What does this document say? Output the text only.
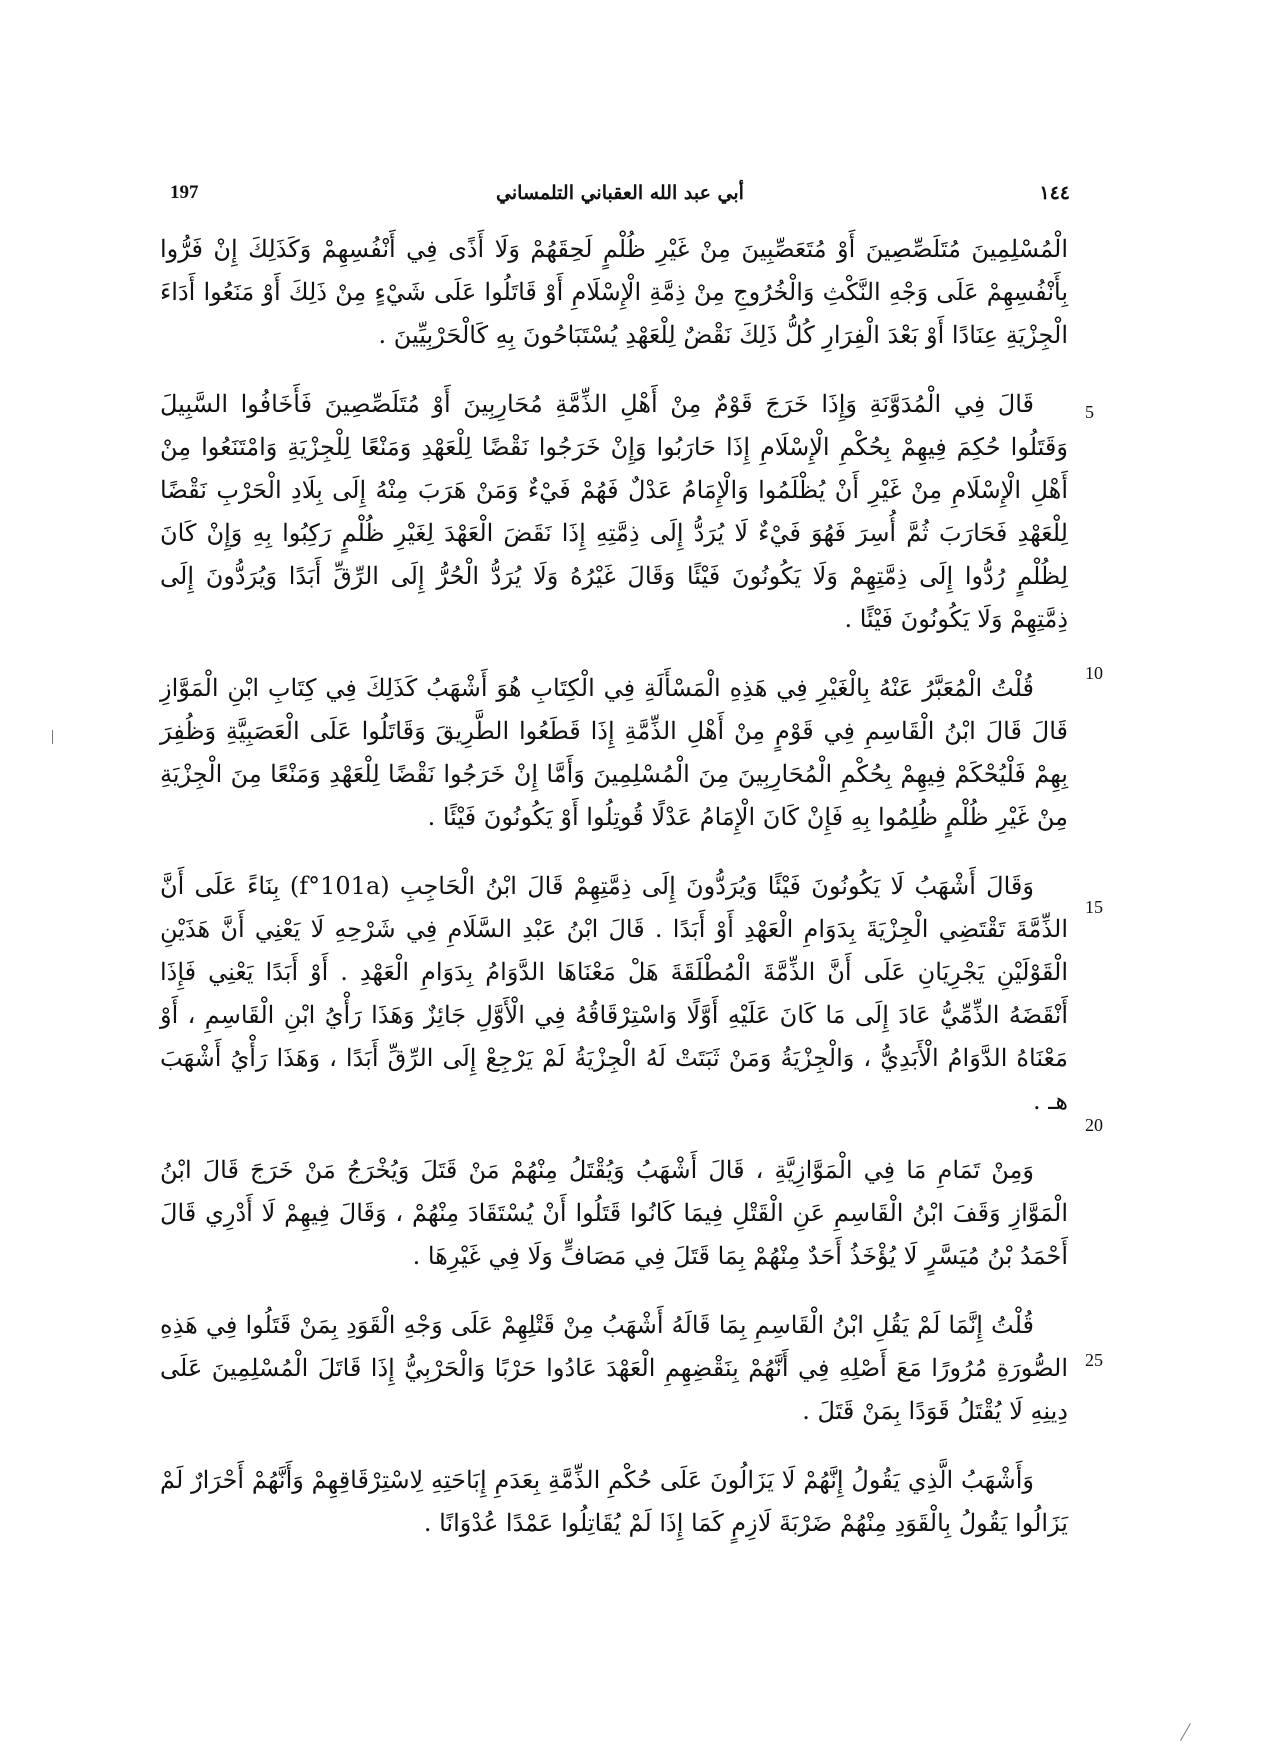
197	أبي عبد الله العقباني التلمساني	١٤٤
5
10
15
20
25

الْمُسْلِمِينَ مُتَلَصِّصِينَ أَوْ مُتَعَصِّبِينَ مِنْ غَيْرِ ظُلْمٍ لَحِقَهُمْ وَلَا أَذًى فِي أَنْفُسِهِمْ وَكَذَلِكَ إِنْ فَرُّوا بِأَنْفُسِهِمْ عَلَى وَجْهِ النَّكْثِ وَالْخُرُوجِ مِنْ ذِمَّةِ الْإِسْلَامِ أَوْ قَاتَلُوا عَلَى شَيْءٍ مِنْ ذَلِكَ أَوْ مَنَعُوا أَدَاءَ الْجِزْيَةِ عِنَادًا أَوْ بَعْدَ الْفِرَارِ كُلُّ ذَلِكَ نَقْضٌ لِلْعَهْدِ يُسْتَبَاحُونَ بِهِ كَالْحَرْبِيِّينَ .

قَالَ فِي الْمُدَوَّنَةِ وَإِذَا خَرَجَ قَوْمٌ مِنْ أَهْلِ الذِّمَّةِ مُحَارِبِينَ أَوْ مُتَلَصِّصِينَ فَأَخَافُوا السَّبِيلَ وَقَتَلُوا حُكِمَ فِيهِمْ بِحُكْمِ الْإِسْلَامِ إِذَا حَارَبُوا وَإِنْ خَرَجُوا نَقْضًا لِلْعَهْدِ وَمَنْعًا لِلْجِزْيَةِ وَامْتَنَعُوا مِنْ أَهْلِ الْإِسْلَامِ مِنْ غَيْرِ أَنْ يُظْلَمُوا وَالْإِمَامُ عَدْلٌ فَهُمْ فَيْءٌ وَمَنْ هَرَبَ مِنْهُ إِلَى بِلَادِ الْحَرْبِ نَقْضًا لِلْعَهْدِ فَحَارَبَ ثُمَّ أُسِرَ فَهُوَ فَيْءٌ لَا يُرَدُّ إِلَى ذِمَّتِهِ إِذَا نَقَضَ الْعَهْدَ لِغَيْرِ ظُلْمٍ رَكِبُوا بِهِ وَإِنْ كَانَ لِظُلْمٍ رُدُّوا إِلَى ذِمَّتِهِمْ وَلَا يَكُونُونَ فَيْئًا وَقَالَ غَيْرُهُ وَلَا يُرَدُّ الْحُرُّ إِلَى الرِّقِّ أَبَدًا وَيُرَدُّونَ إِلَى ذِمَّتِهِمْ وَلَا يَكُونُونَ فَيْئًا .

قُلْتُ الْمُعَبَّرُ عَنْهُ بِالْغَيْرِ فِي هَذِهِ الْمَسْأَلَةِ فِي الْكِتَابِ هُوَ أَشْهَبُ كَذَلِكَ فِي كِتَابِ ابْنِ الْمَوَّازِ قَالَ قَالَ ابْنُ الْقَاسِمِ فِي قَوْمٍ مِنْ أَهْلِ الذِّمَّةِ إِذَا قَطَعُوا الطَّرِيقَ وَقَاتَلُوا عَلَى الْعَصَبِيَّةِ وَظُفِرَ بِهِمْ فَلْيُحْكَمْ فِيهِمْ بِحُكْمِ الْمُحَارِبِينَ مِنَ الْمُسْلِمِينَ وَأَمَّا إِنْ خَرَجُوا نَقْضًا لِلْعَهْدِ وَمَنْعًا مِنَ الْجِزْيَةِ مِنْ غَيْرِ ظُلْمٍ ظُلِمُوا بِهِ فَإِنْ كَانَ الْإِمَامُ عَدْلًا قُوتِلُوا أَوْ يَكُونُونَ فَيْئًا .

وَقَالَ أَشْهَبُ لَا يَكُونُونَ فَيْئًا وَيُرَدُّونَ إِلَى ذِمَّتِهِمْ قَالَ ابْنُ الْحَاجِبِ (f°101a) بِنَاءً عَلَى أَنَّ الذِّمَّةَ تَقْتَضِي الْجِزْيَةَ بِدَوَامِ الْعَهْدِ أَوْ أَبَدًا . قَالَ ابْنُ عَبْدِ السَّلَامِ فِي شَرْحِهِ لَا يَعْنِي أَنَّ هَذَيْنِ الْقَوْلَيْنِ يَجْرِيَانِ عَلَى أَنَّ الذِّمَّةَ الْمُطْلَقَةَ هَلْ مَعْنَاهَا الدَّوَامُ بِدَوَامِ الْعَهْدِ . أَوْ أَبَدًا يَعْنِي فَإِذَا أَنْقَضَهُ الذِّمِّيُّ عَادَ إِلَى مَا كَانَ عَلَيْهِ أَوَّلًا وَاسْتِرْقَاقُهُ فِي الْأَوَّلِ جَائِزٌ وَهَذَا رَأْيُ ابْنِ الْقَاسِمِ ، أَوْ مَعْنَاهُ الدَّوَامُ الْأَبَدِيُّ ، وَالْجِزْيَةُ وَمَنْ ثَبَتَتْ لَهُ الْجِزْيَةُ لَمْ يَرْجِعْ إِلَى الرِّقِّ أَبَدًا ، وَهَذَا رَأْيُ أَشْهَبَ هـ .

وَمِنْ تَمَامِ مَا فِي الْمَوَّازِيَّةِ ، قَالَ أَشْهَبُ وَيُقْتَلُ مِنْهُمْ مَنْ قَتَلَ وَيُخْرَجُ مَنْ خَرَجَ قَالَ ابْنُ الْمَوَّازِ وَقَفَ ابْنُ الْقَاسِمِ عَنِ الْقَتْلِ فِيمَا كَانُوا قَتَلُوا أَنْ يُسْتَقَادَ مِنْهُمْ ، وَقَالَ فِيهِمْ لَا أَدْرِي قَالَ أَحْمَدُ بْنُ مُيَسَّرٍ لَا يُؤْخَذُ أَحَدٌ مِنْهُمْ بِمَا قَتَلَ فِي مَصَافٍّ وَلَا فِي غَيْرِهَا .

قُلْتُ إِنَّمَا لَمْ يَقُلِ ابْنُ الْقَاسِمِ بِمَا قَالَهُ أَشْهَبُ مِنْ قَتْلِهِمْ عَلَى وَجْهِ الْقَوَدِ بِمَنْ قَتَلُوا فِي هَذِهِ الصُّورَةِ مُرُورًا مَعَ أَصْلِهِ فِي أَنَّهُمْ بِنَقْضِهِمِ الْعَهْدَ عَادُوا حَرْبًا وَالْحَرْبِيُّ إِذَا قَاتَلَ الْمُسْلِمِينَ عَلَى دِينِهِ لَا يُقْتَلُ قَوَدًا بِمَنْ قَتَلَ .

وَأَشْهَبُ الَّذِي يَقُولُ إِنَّهُمْ لَا يَزَالُونَ عَلَى حُكْمِ الذِّمَّةِ بِعَدَمِ إِبَاحَتِهِ لِاسْتِرْقَاقِهِمْ وَأَنَّهُمْ أَحْرَارٌ لَمْ يَزَالُوا يَقُولُ بِالْقَوَدِ مِنْهُمْ ضَرْبَةَ لَازِمٍ كَمَا إِذَا لَمْ يُقَاتِلُوا عَمْدًا عُدْوَانًا .
